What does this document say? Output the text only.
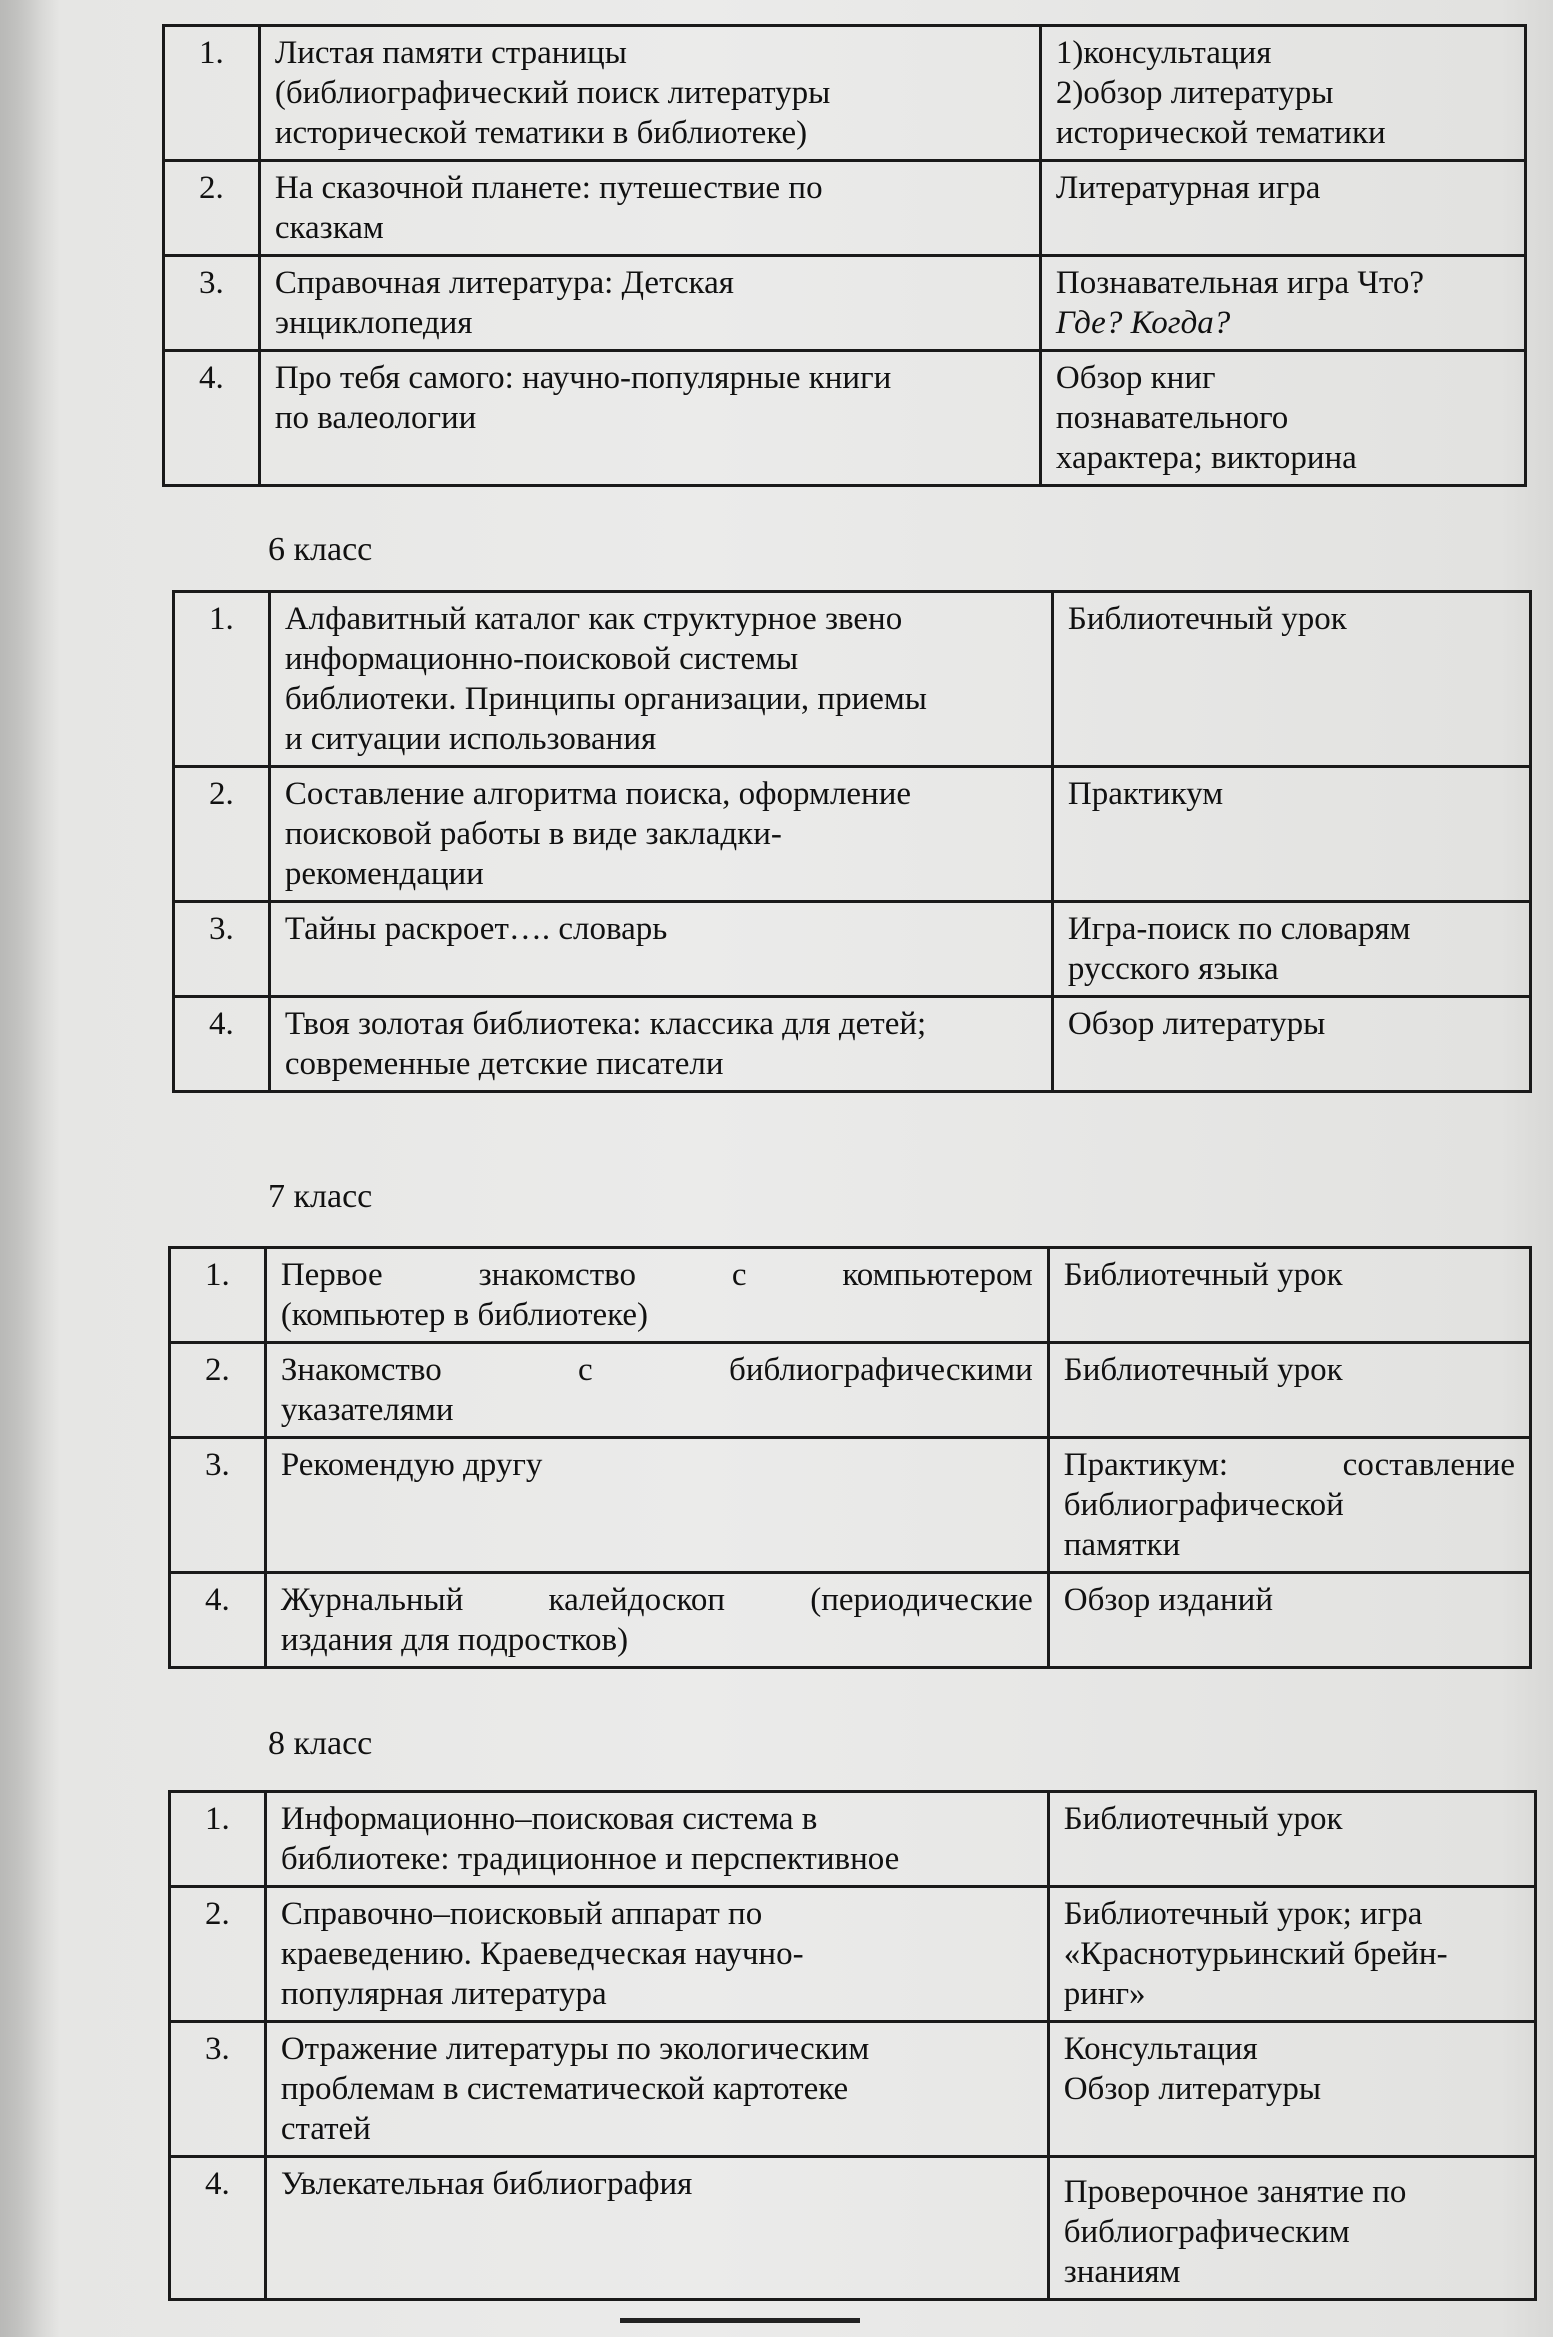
1.	Листая памяти страницы
(библиографический поиск литературы
исторической тематики в библиотеке)	1)консультация
2)обзор литературы
исторической тематики

2.	На сказочной планете: путешествие по
сказкам	Литературная игра

3.	Справочная литература: Детская
энциклопедия	Познавательная игра Что?
Где? Когда?

4.	Про тебя самого: научно-популярные книги
по валеологии	Обзор книг
познавательного
характера; викторина
6 класс
1.	Алфавитный каталог как структурное звено
информационно-поисковой системы
библиотеки. Принципы организации, приемы
и ситуации использования	Библиотечный урок

2.	Составление алгоритма поиска, оформление
поисковой работы в виде закладки-
рекомендации	Практикум

3.	Тайны раскроет…. словарь	Игра-поиск по словарям
русского языка

4.	Твоя золотая библиотека: классика для детей;
современные детские писатели	Обзор литературы
7 класс
1.	Первое знакомство с компьютером
(компьютер в библиотеке)	Библиотечный урок

2.	Знакомство с библиографическими
указателями	Библиотечный урок

3.	Рекомендую другу	Практикум: составление
библиографической
памятки

4.	Журнальный калейдоскоп (периодические
издания для подростков)	Обзор изданий
8 класс
1.	Информационно–поисковая система в
библиотеке: традиционное и перспективное	Библиотечный урок

2.	Справочно–поисковый аппарат по
краеведению. Краеведческая научно-
популярная литература	Библиотечный урок; игра
«Краснотурьинский брейн-
ринг»

3.	Отражение литературы по экологическим
проблемам в систематической картотеке
статей	Консультация
Обзор литературы

4.	Увлекательная библиография	Проверочное занятие по
библиографическим
знаниям
